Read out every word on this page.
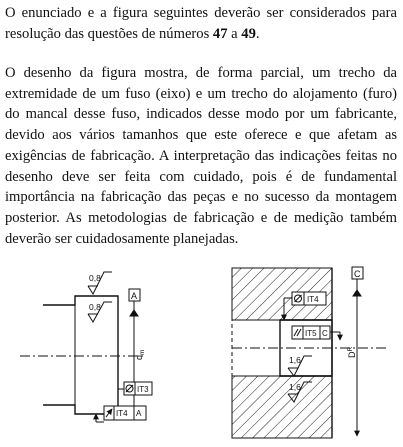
O enunciado e a figura seguintes deverão ser considerados para resolução das questões de números 47 a 49.

O desenho da figura mostra, de forma parcial, um trecho da extremidade de um fuso (eixo) e um trecho do alojamento (furo) do mancal desse fuso, indicados desse modo por um fabricante, devido aos vários tamanhos que este oferece e que afetam as exigências de fabricação. A interpretação das indicações feitas no desenho deve ser feita com cuidado, pois é de fundamental importância na fabricação das peças e no sucesso da montagem posterior. As metodologias de fabricação e de medição também deverão ser cuidadosamente planejadas.

0,8
0,8
A
$d_m$
IT3
IT4 A
C
$D^R$
IT4
IT5 C
1,6
1,6
